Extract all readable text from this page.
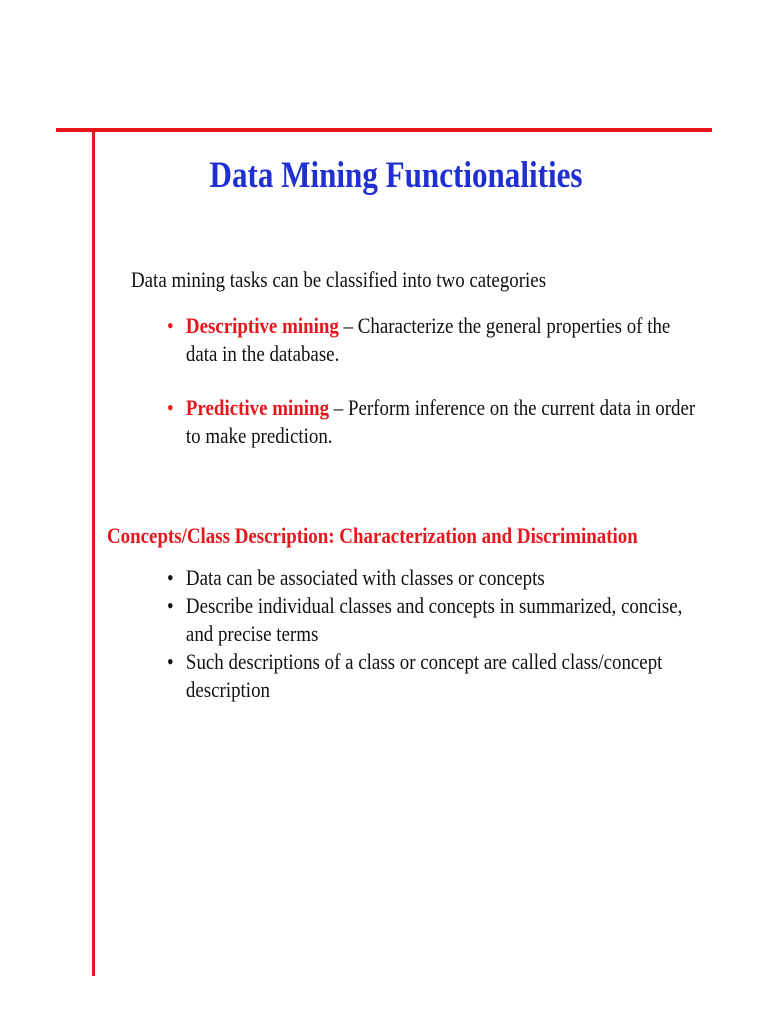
Data Mining Functionalities
Data mining tasks can be classified into two categories
• Descriptive mining – Characterize the general properties of the data in the database.
• Predictive mining – Perform inference on the current data in order to make prediction.
Concepts/Class Description: Characterization and Discrimination
• Data can be associated with classes or concepts
• Describe individual classes and concepts in summarized, concise, and precise terms
• Such descriptions of a class or concept are called class/concept description
